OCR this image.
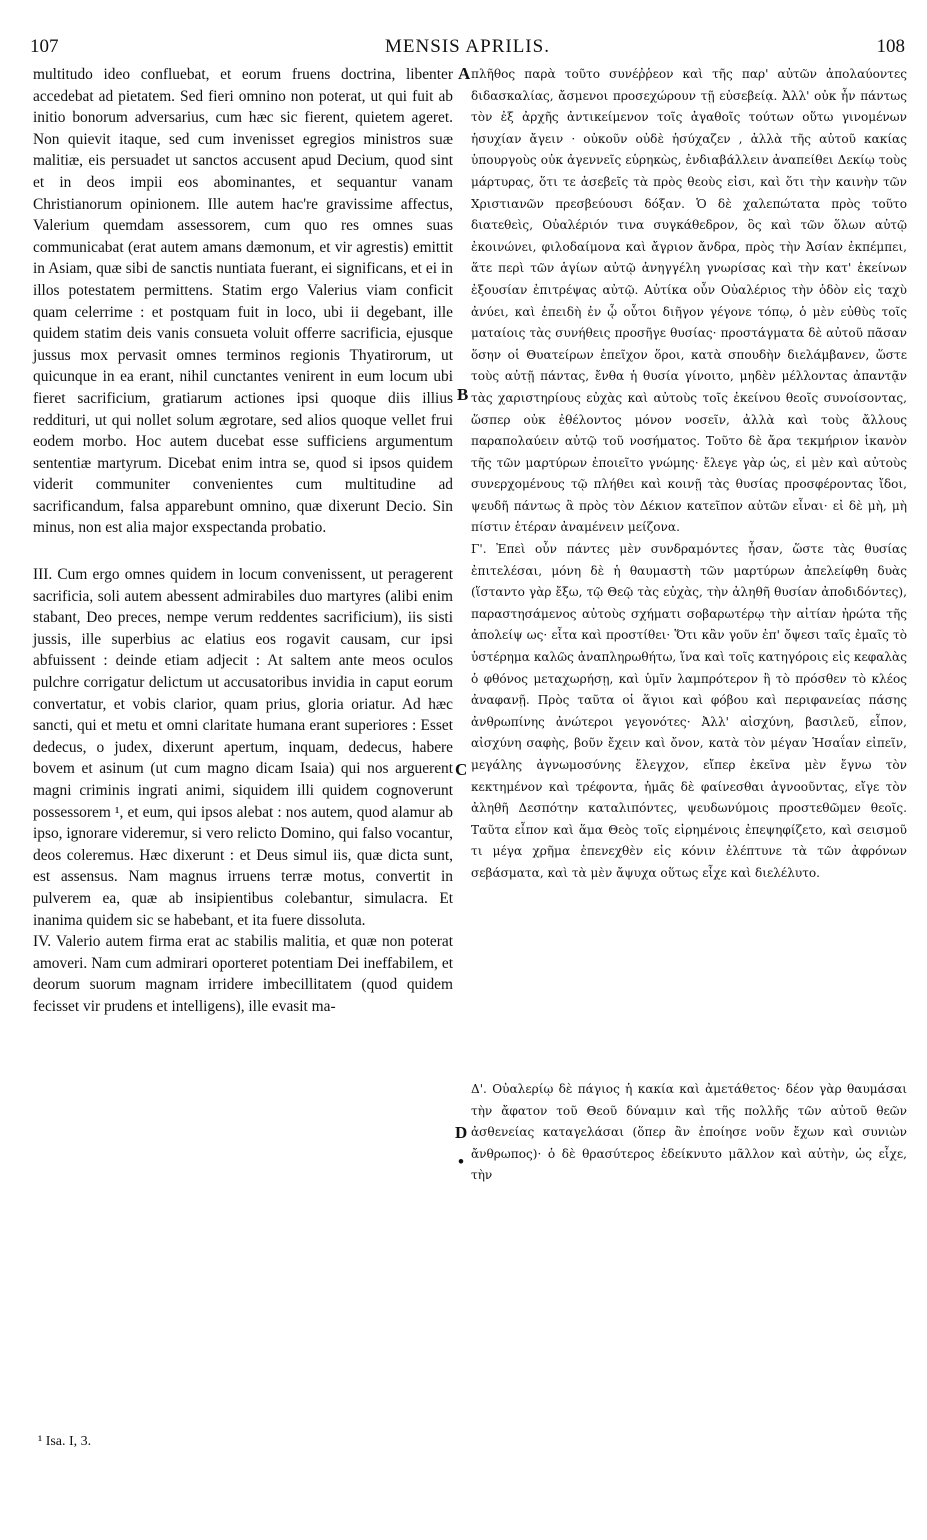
107	MENSIS APRILIS.	108

multitudo ideo confluebat, et eorum fruens doctrina, libenter accedebat ad pietatem. Sed fieri omnino non poterat, ut qui fuit ab initio bonorum adversarius, cum hæc sic fierent, quietem ageret. Non quievit itaque, sed cum invenisset egregios ministros suæ malitiæ, eis persuadet ut sanctos accusent apud Decium, quod sint et in deos impii eos abominantes, et sequantur vanam Christianorum opinionem. Ille autem hac're gravissime affectus, Valerium quemdam assessorem, cum quo res omnes suas communicabat (erat autem amans dæmonum, et vir agrestis) emittit in Asiam, quæ sibi de sanctis nuntiata fuerant, ei significans, et ei in illos potestatem permittens. Statim ergo Valerius viam conficit quam celerrime : et postquam fuit in loco, ubi ii degebant, ille quidem statim deis vanis consueta voluit offerre sacrificia, ejusque jussus mox pervasit omnes terminos regionis Thyatirorum, ut quicunque in ea erant, nihil cunctantes venirent in eum locum ubi fieret sacrificium, gratiarum actiones ipsi quoque diis illius reddituri, ut qui nollet solum ægrotare, sed alios quoque vellet frui eodem morbo. Hoc autem ducebat esse sufficiens argumentum sententiæ martyrum. Dicebat enim intra se, quod si ipsos quidem viderit communiter convenientes cum multitudine ad sacrificandum, falsa apparebunt omnino, quæ dixerunt Decio. Sin minus, non est alia major exspectanda probatio.

III. Cum ergo omnes quidem in locum convenissent, ut peragerent sacrificia, soli autem abessent admirabiles duo martyres (alibi enim stabant, Deo preces, nempe verum reddentes sacrificium), iis sisti jussis, ille superbius ac elatius eos rogavit causam, cur ipsi abfuissent : deinde etiam adjecit : At saltem ante meos oculos pulchre corrigatur delictum ut accusatoribus invidia in caput eorum convertatur, et vobis clarior, quam prius, gloria oriatur. Ad hæc sancti, qui et metu et omni claritate humana erant superiores : Esset dedecus, o judex, dixerunt apertum, inquam, dedecus, habere bovem et asinum (ut cum magno dicam Isaia) qui nos arguerent magni criminis ingrati animi, siquidem illi quidem cognoverunt possessorem ¹, et eum, qui ipsos alebat : nos autem, quod alamur ab ipso, ignorare videremur, si vero relicto Domino, qui falso vocantur, deos coleremus. Hæc dixerunt : et Deus simul iis, quæ dicta sunt, est assensus. Nam magnus irruens terræ motus, convertit in pulverem ea, quæ ab insipientibus colebantur, simulacra. Et inanima quidem sic se habebant, et ita fuere dissoluta.

IV. Valerio autem firma erat ac stabilis malitia, et quæ non poterat amoveri. Nam cum admirari oporteret potentiam Dei ineffabilem, et deorum suorum magnam irridere imbecillitatem (quod quidem fecisset vir prudens et intelligens), ille evasit ma-

A
B
C
D
•

πλῆθος παρὰ τοῦτο συνέῤῥεον καὶ τῆς παρ' αὐτῶν ἀπολαύοντες διδασκαλίας, ἄσμενοι προσεχώρουν τῇ εὐσεβείᾳ. Ἀλλ' οὐκ ἦν πάντως τὸν ἐξ ἀρχῆς ἀντικείμενον τοῖς ἀγαθοῖς τούτων οὕτω γινομένων ἡσυχίαν ἄγειν · οὐκοῦν οὐδὲ ἡσύχαζεν , ἀλλὰ τῆς αὐτοῦ κακίας ὑπουργοὺς οὐκ ἀγεννεῖς εὑρηκὼς, ἐνδιαβάλλειν ἀναπείθει Δεκίῳ τοὺς μάρτυρας, ὅτι τε ἀσεβεῖς τὰ πρὸς θεοὺς εἰσι, καὶ ὅτι τὴν καινὴν τῶν Χριστιανῶν πρεσβεύουσι δόξαν. Ὁ δὲ χαλεπώτατα πρὸς τοῦτο διατεθεὶς, Οὐαλέριόν τινα συγκάθεδρον, ὃς καὶ τῶν ὅλων αὐτῷ ἐκοινώνει, φιλοδαίμονα καὶ ἄγριον ἄνδρα, πρὸς τὴν Ἀσίαν ἐκπέμπει, ἅτε περὶ τῶν ἁγίων αὐτῷ ἀνηγγέλη γνωρίσας καὶ τὴν κατ' ἐκείνων ἐξουσίαν ἐπιτρέψας αὐτῷ. Αὐτίκα οὖν Οὐαλέριος τὴν ὁδὸν εἰς ταχὺ ἀνύει, καὶ ἐπειδὴ ἐν ᾧ οὗτοι διῆγον γέγονε τόπῳ, ὁ μὲν εὐθὺς τοῖς ματαίοις τὰς συνήθεις προσῆγε θυσίας· προστάγματα δὲ αὐτοῦ πᾶσαν ὅσην οἱ Θυατείρων ἐπεῖχον ὅροι, κατὰ σπουδὴν διελάμβανεν, ὥστε τοὺς αὐτῇ πάντας, ἔνθα ἡ θυσία γίνοιτο, μηδὲν μέλλοντας ἀπαντᾷν τὰς χαριστηρίους εὐχὰς καὶ αὐτοὺς τοῖς ἐκείνου θεοῖς συνοίσοντας, ὥσπερ οὐκ ἐθέλοντος μόνον νοσεῖν, ἀλλὰ καὶ τοὺς ἄλλους παραπολαύειν αὐτῷ τοῦ νοσήματος. Τοῦτο δὲ ἄρα τεκμήριον ἱκανὸν τῆς τῶν μαρτύρων ἐποιεῖτο γνώμης· ἔλεγε γὰρ ὡς, εἰ μὲν καὶ αὐτοὺς συνερχομένους τῷ πλήθει καὶ κοινῇ τὰς θυσίας προσφέροντας ἴδοι, ψευδῆ πάντως ἃ πρὸς τὸν Δέκιον κατεῖπον αὐτῶν εἶναι· εἰ δὲ μὴ, μὴ πίστιν ἑτέραν ἀναμένειν μείζονα.

Γ'. Ἐπεὶ οὖν πάντες μὲν συνδραμόντες ἦσαν, ὥστε τὰς θυσίας ἐπιτελέσαι, μόνη δὲ ἡ θαυμαστὴ τῶν μαρτύρων ἀπελείφθη δυὰς (ἵσταντο γὰρ ἔξω, τῷ Θεῷ τὰς εὐχὰς, τὴν ἀληθῆ θυσίαν ἀποδιδόντες), παραστησάμενος αὐτοὺς σχήματι σοβαρωτέρῳ τὴν αἰτίαν ἠρώτα τῆς ἀπολείψ ως· εἶτα καὶ προστίθει· Ὅτι κἂν γοῦν ἐπ' ὄψεσι ταῖς ἐμαῖς τὸ ὑστέρημα καλῶς ἀναπληρωθήτω, ἵνα καὶ τοῖς κατηγόροις εἰς κεφαλὰς ὁ φθόνος μεταχωρήσῃ, καὶ ὑμῖν λαμπρότερον ἢ τὸ πρόσθεν τὸ κλέος ἀναφανῇ. Πρὸς ταῦτα οἱ ἅγιοι καὶ φόβου καὶ περιφανείας πάσης ἀνθρωπίνης ἀνώτεροι γεγονότες· Ἀλλ' αἰσχύνη, βασιλεῦ, εἶπον, αἰσχύνη σαφὴς, βοῦν ἔχειν καὶ ὄνον, κατὰ τὸν μέγαν Ἡσαΐαν εἰπεῖν, μεγάλης ἀγνωμοσύνης ἔλεγχον, εἴπερ ἐκεῖνα μὲν ἔγνω τὸν κεκτημένον καὶ τρέφοντα, ἡμᾶς δὲ φαίνεσθαι ἀγνοοῦντας, εἴγε τὸν ἀληθῆ Δεσπότην καταλιπόντες, ψευδωνύμοις προστεθῶμεν θεοῖς. Ταῦτα εἶπον καὶ ἅμα Θεὸς τοῖς εἰρημένοις ἐπεψηφίζετο, καὶ σεισμοῦ τι μέγα χρῆμα ἐπενεχθὲν εἰς κόνιν ἐλέπτυνε τὰ τῶν ἀφρόνων σεβάσματα, καὶ τὰ μὲν ἄψυχα οὕτως εἶχε καὶ διελέλυτο.

Δ'. Οὐαλερίῳ δὲ πάγιος ἡ κακία καὶ ἀμετάθετος· δέον γὰρ θαυμάσαι τὴν ἄφατον τοῦ Θεοῦ δύναμιν καὶ τῆς πολλῆς τῶν αὐτοῦ θεῶν ἀσθενείας καταγελάσαι (ὅπερ ἂν ἐποίησε νοῦν ἔχων καὶ συνιὼν ἄνθρωπος)· ὁ δὲ θρασύτερος ἐδείκνυτο μᾶλλον καὶ αὐτὴν, ὡς εἶχε, τὴν

¹ Isa. I, 3.
